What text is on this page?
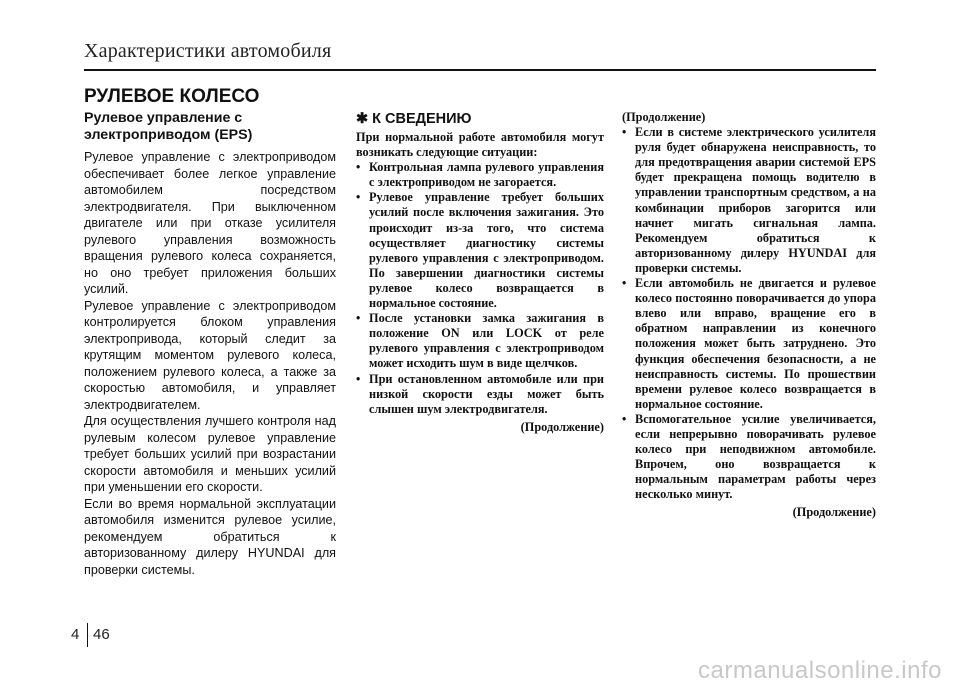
Характеристики автомобиля
РУЛЕВОЕ КОЛЕСО
Рулевое управление с электроприводом (EPS)

Рулевое управление с электроприводом обеспечивает более легкое управление автомобилем посредством электродвигателя. При выключенном двигателе или при отказе усилителя рулевого управления возможность вращения рулевого колеса сохраняется, но оно требует приложения больших усилий.

Рулевое управление с электроприводом контролируется блоком управления электропривода, который следит за крутящим моментом рулевого колеса, положением рулевого колеса, а также за скоростью автомобиля, и управляет электродвигателем.

Для осуществления лучшего контроля над рулевым колесом рулевое управление требует больших усилий при возрастании скорости автомобиля и меньших усилий при уменьшении его скорости.

Если во время нормальной эксплуатации автомобиля изменится рулевое усилие, рекомендуем обратиться к авторизованному дилеру HYUNDAI для проверки системы.

✱ К СВЕДЕНИЮ

При нормальной работе автомобиля могут возникать следующие ситуации:

• Контрольная лампа рулевого управления с электроприводом не загорается.
• Рулевое управление требует больших усилий после включения зажигания. Это происходит из-за того, что система осуществляет диагностику системы рулевого управления с электроприводом. По завершении диагностики системы рулевое колесо возвращается в нормальное состояние.
• После установки замка зажигания в положение ON или LOCK от реле рулевого управления с электроприводом может исходить шум в виде щелчков.
• При остановленном автомобиле или при низкой скорости езды может быть слышен шум электродвигателя.

(Продолжение)

(Продолжение)

• Если в системе электрического усилителя руля будет обнаружена неисправность, то для предотвращения аварии системой EPS будет прекращена помощь водителю в управлении транспортным средством, а на комбинации приборов загорится или начнет мигать сигнальная лампа. Рекомендуем обратиться к авторизованному дилеру HYUNDAI для проверки системы.
• Если автомобиль не двигается и рулевое колесо постоянно поворачивается до упора влево или вправо, вращение его в обратном направлении из конечного положения может быть затруднено. Это функция обеспечения безопасности, а не неисправность системы. По прошествии времени рулевое колесо возвращается в нормальное состояние.
• Вспомогательное усилие увеличивается, если непрерывно поворачивать рулевое колесо при неподвижном автомобиле. Впрочем, оно возвращается к нормальным параметрам работы через несколько минут.

(Продолжение)

4 46
carmanualsonline.info
